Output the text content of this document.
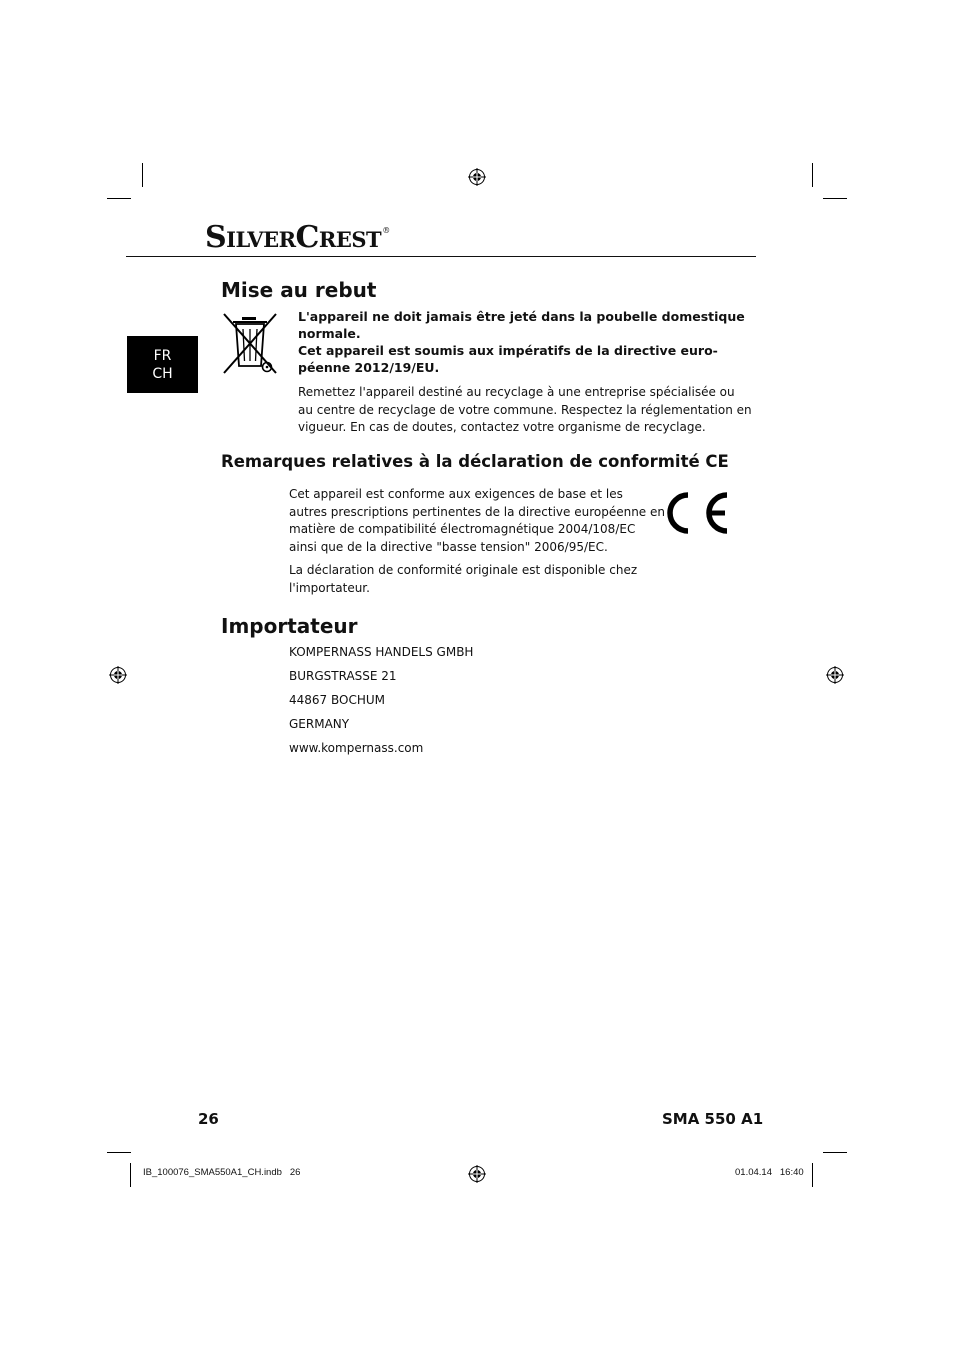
SILVERCREST®
FR
CH
Mise au rebut
L'appareil ne doit jamais être jeté dans la poubelle domestique
normale.
Cet appareil est soumis aux impératifs de la directive euro-
péenne 2012/19/EU.
Remettez l'appareil destiné au recyclage à une entreprise spécialisée ou
au centre de recyclage de votre commune. Respectez la réglementation en
vigueur. En cas de doutes, contactez votre organisme de recyclage.
Remarques relatives à la déclaration de conformité CE
Cet appareil est conforme aux exigences de base et les
autres prescriptions pertinentes de la directive européenne en
matière de compatibilité électromagnétique 2004/108/EC
ainsi que de la directive "basse tension" 2006/95/EC.
La déclaration de conformité originale est disponible chez
l'importateur.
Importateur
KOMPERNASS HANDELS GMBH
BURGSTRASSE 21
44867 BOCHUM
GERMANY
www.kompernass.com
26	SMA 550 A1
IB_100076_SMA550A1_CH.indb   26	01.04.14   16:40
